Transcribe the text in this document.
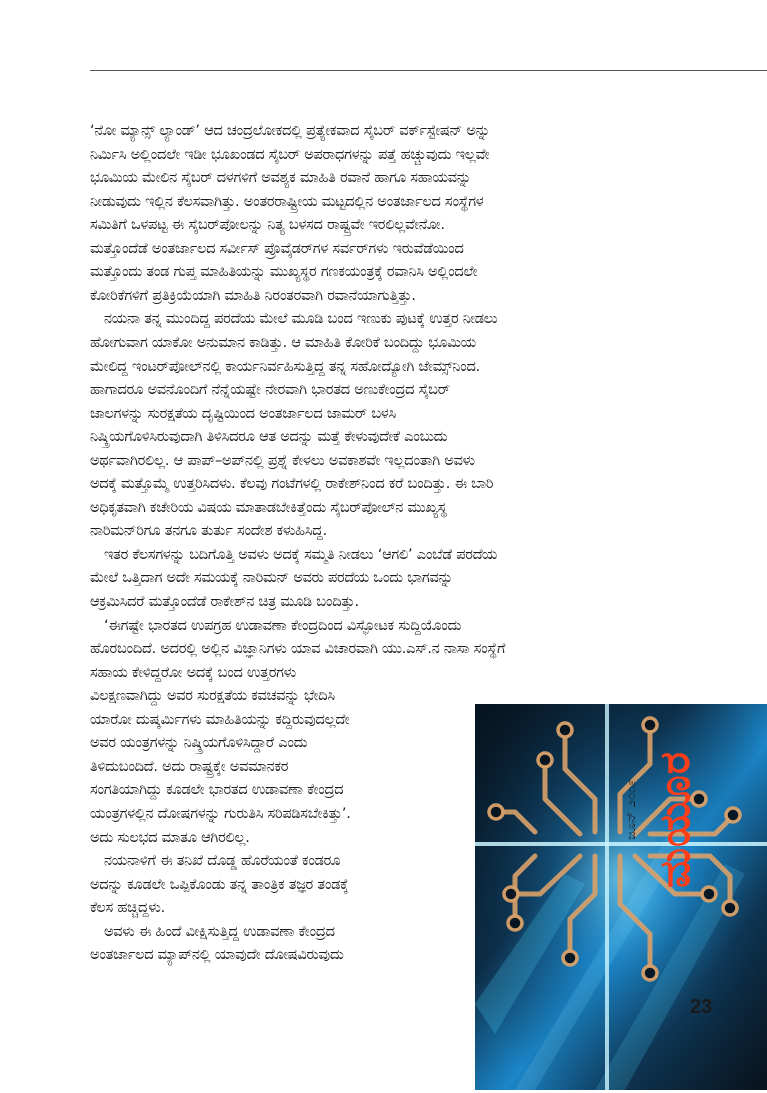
‘ನೋ ಮ್ಯಾನ್ಸ್ ಲ್ಯಾಂಡ್’ ಆದ ಚಂದ್ರಲೋಕದಲ್ಲಿ ಪ್ರತ್ಯೇಕವಾದ ಸೈಬರ್ ವರ್ಕ್‌ಸ್ಟೇಷನ್ ಅನ್ನು
ನಿರ್ಮಿಸಿ ಅಲ್ಲಿಂದಲೇ ಇಡೀ ಭೂಖಂಡದ ಸೈಬರ್ ಅಪರಾಧಗಳನ್ನು ಪತ್ತೆ ಹಚ್ಚುವುದು ಇಲ್ಲವೇ
ಭೂಮಿಯ ಮೇಲಿನ ಸೈಬರ್ ದಳಗಳಿಗೆ ಅವಶ್ಯಕ ಮಾಹಿತಿ ರವಾನೆ ಹಾಗೂ ಸಹಾಯವನ್ನು
ನೀಡುವುದು ಇಲ್ಲಿನ ಕೆಲಸವಾಗಿತ್ತು. ಅಂತರರಾಷ್ಟ್ರೀಯ ಮಟ್ಟದಲ್ಲಿನ ಅಂತರ್ಜಾಲದ ಸಂಸ್ಥೆಗಳ
ಸಮಿತಿಗೆ ಒಳಪಟ್ಟ ಈ ಸೈಬರ್‌ಪೋಲನ್ನು ನಿತ್ಯ ಬಳಸದ ರಾಷ್ಟ್ರವೇ ಇರಲಿಲ್ಲವೇನೋ.
ಮತ್ತೊಂದೆಡೆ ಅಂತರ್ಜಾಲದ ಸರ್ವೀಸ್ ಪ್ರೊವೈಡರ್‌ಗಳ ಸರ್ವರ್‌ಗಳು ಇರುವೆಡೆಯಿಂದ
ಮತ್ತೊಂದು ತಂಡ ಗುಪ್ತ ಮಾಹಿತಿಯನ್ನು ಮುಖ್ಯಸ್ಥರ ಗಣಕಯಂತ್ರಕ್ಕೆ ರವಾನಿಸಿ ಅಲ್ಲಿಂದಲೇ
ಕೋರಿಕೆಗಳಿಗೆ ಪ್ರತಿಕ್ರಿಯೆಯಾಗಿ ಮಾಹಿತಿ ನಿರಂತರವಾಗಿ ರವಾನೆಯಾಗುತ್ತಿತ್ತು.
ನಯನಾ ತನ್ನ ಮುಂದಿದ್ದ ಪರದೆಯ ಮೇಲೆ ಮೂಡಿ ಬಂದ ಇಣುಕು ಪುಟಕ್ಕೆ ಉತ್ತರ ನೀಡಲು
ಹೋಗುವಾಗ ಯಾಕೋ ಅನುಮಾನ ಕಾಡಿತ್ತು. ಆ ಮಾಹಿತಿ ಕೋರಿಕೆ ಬಂದಿದ್ದು ಭೂಮಿಯ
ಮೇಲಿದ್ದ ಇಂಟರ್‌ಪೋಲ್‌ನಲ್ಲಿ ಕಾರ್ಯನಿರ್ವಹಿಸುತ್ತಿದ್ದ ತನ್ನ ಸಹೋದ್ಯೋಗಿ ಜೇಮ್ಸ್‌ನಿಂದ.
ಹಾಗಾದರೂ ಅವನೊಂದಿಗೆ ನೆನ್ನೆಯಷ್ಟೇ ನೇರವಾಗಿ ಭಾರತದ ಅಣುಕೇಂದ್ರದ ಸೈಬರ್
ಜಾಲಗಳನ್ನು ಸುರಕ್ಷತೆಯ ದೃಷ್ಟಿಯಿಂದ ಅಂತರ್ಜಾಲದ ಜಾಮರ್ ಬಳಸಿ
ನಿಷ್ಕ್ರಿಯಗೊಳಿಸಿರುವುದಾಗಿ ತಿಳಿಸಿದರೂ ಆತ ಅದನ್ನು ಮತ್ತೆ ಕೇಳುವುದೇಕೆ ಎಂಬುದು
ಅರ್ಥವಾಗಿರಲಿಲ್ಲ. ಆ ಪಾಪ್–ಅಪ್‌ನಲ್ಲಿ ಪ್ರಶ್ನೆ ಕೇಳಲು ಅವಕಾಶವೇ ಇಲ್ಲದಂತಾಗಿ ಅವಳು
ಅದಕ್ಕೆ ಮತ್ತೊಮ್ಮೆ ಉತ್ತರಿಸಿದಳು. ಕೆಲವು ಗಂಟೆಗಳಲ್ಲಿ ರಾಕೇಶ್‌ನಿಂದ ಕರೆ ಬಂದಿತ್ತು. ಈ ಬಾರಿ
ಅಧಿಕೃತವಾಗಿ ಕಚೇರಿಯ ವಿಷಯ ಮಾತಾಡಬೇಕಿತ್ತೆಂದು ಸೈಬರ್‌ಪೋಲ್‌ನ ಮುಖ್ಯಸ್ಥ
ನಾರಿಮನ್‌ರಿಗೂ ತನಗೂ ತುರ್ತು ಸಂದೇಶ ಕಳುಹಿಸಿದ್ದ.
ಇತರ ಕೆಲಸಗಳನ್ನು ಬದಿಗೊತ್ತಿ ಅವಳು ಅದಕ್ಕೆ ಸಮ್ಮತಿ ನೀಡಲು ‘ಆಗಲಿ’ ಎಂಬೆಡೆ ಪರದೆಯ
ಮೇಲೆ ಒತ್ತಿದಾಗ ಅದೇ ಸಮಯಕ್ಕೆ ನಾರಿಮನ್ ಅವರು ಪರದೆಯ ಒಂದು ಭಾಗವನ್ನು
ಆಕ್ರಮಿಸಿದರೆ ಮತ್ತೊಂದೆಡೆ ರಾಕೇಶ್‌ನ ಚಿತ್ರ ಮೂಡಿ ಬಂದಿತ್ತು.
‘ಈಗಷ್ಟೇ ಭಾರತದ ಉಪಗ್ರಹ ಉಡಾವಣಾ ಕೇಂದ್ರದಿಂದ ವಿಸ್ಫೋಟಕ ಸುದ್ದಿಯೊಂದು
ಹೊರಬಂದಿದೆ. ಅದರಲ್ಲಿ ಅಲ್ಲಿನ ವಿಜ್ಞಾನಿಗಳು ಯಾವ ವಿಚಾರವಾಗಿ ಯು.ಎಸ್.ನ ನಾಸಾ ಸಂಸ್ಥೆಗೆ
ಸಹಾಯ ಕೇಳಿದ್ದರೋ ಅದಕ್ಕೆ ಬಂದ ಉತ್ತರಗಳು
ವಿಲಕ್ಷಣವಾಗಿದ್ದು ಅವರ ಸುರಕ್ಷತೆಯ ಕವಚವನ್ನು ಭೇದಿಸಿ
ಯಾರೋ ದುಷ್ಕರ್ಮಿಗಳು ಮಾಹಿತಿಯನ್ನು ಕದ್ದಿರುವುದಲ್ಲದೇ
ಅವರ ಯಂತ್ರಗಳನ್ನು ನಿಷ್ಕ್ರಿಯಗೊಳಿಸಿದ್ದಾರೆ ಎಂದು
ತಿಳಿದುಬಂದಿದೆ. ಅದು ರಾಷ್ಟ್ರಕ್ಕೇ ಅವಮಾನಕರ
ಸಂಗತಿಯಾಗಿದ್ದು ಕೂಡಲೇ ಭಾರತದ ಉಡಾವಣಾ ಕೇಂದ್ರದ
ಯಂತ್ರಗಳಲ್ಲಿನ ದೋಷಗಳನ್ನು ಗುರುತಿಸಿ ಸರಿಪಡಿಸಬೇಕಿತ್ತು’.
ಅದು ಸುಲಭದ ಮಾತೂ ಆಗಿರಲಿಲ್ಲ.
ನಯನಾಳಿಗೆ ಈ ತನಿಖೆ ದೊಡ್ಡ ಹೊರೆಯಂತೆ ಕಂಡರೂ
ಅದನ್ನು ಕೂಡಲೇ ಒಪ್ಪಿಕೊಂಡು ತನ್ನ ತಾಂತ್ರಿಕ ತಜ್ಞರ ತಂಡಕ್ಕೆ
ಕೆಲಸ ಹಚ್ಚಿದ್ದಳು.
ಅವಳು ಈ ಹಿಂದೆ ವೀಕ್ಷಿಸುತ್ತಿದ್ದ ಉಡಾವಣಾ ಕೇಂದ್ರದ
ಅಂತರ್ಜಾಲದ ಮ್ಯಾಪ್‌ನಲ್ಲಿ ಯಾವುದೇ ದೋಷವಿರುವುದು
ಜೂನ್ ೨೦೧೯ ಮಯೂರ
23
